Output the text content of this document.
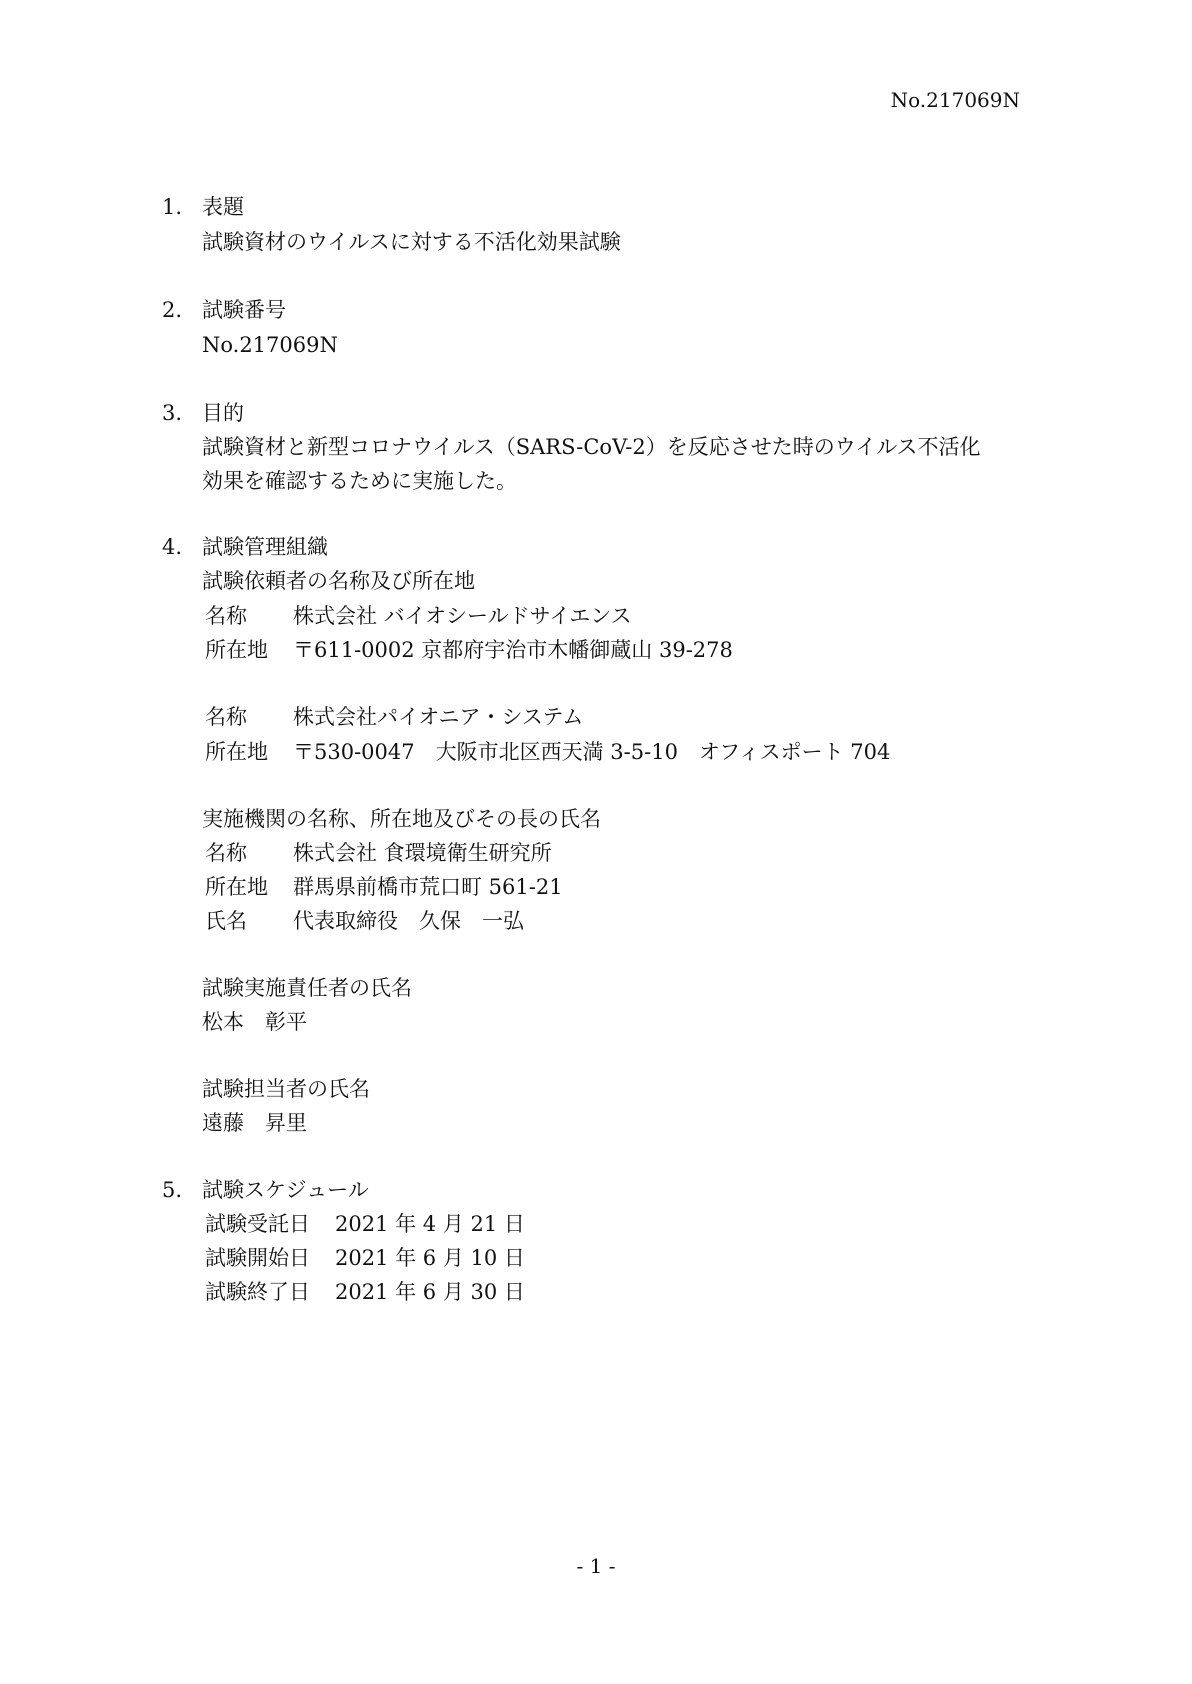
No.217069N
1. 表題
試験資材のウイルスに対する不活化効果試験
2. 試験番号
No.217069N
3. 目的
試験資材と新型コロナウイルス（SARS-CoV-2）を反応させた時のウイルス不活化
効果を確認するために実施した。
4. 試験管理組織
試験依頼者の名称及び所在地
名称 株式会社 バイオシールドサイエンス
所在地 〒611-0002 京都府宇治市木幡御蔵山 39-278
名称 株式会社パイオニア・システム
所在地 〒530-0047　大阪市北区西天満 3-5-10　オフィスポート 704
実施機関の名称、所在地及びその長の氏名
名称 株式会社 食環境衛生研究所
所在地 群馬県前橋市荒口町 561-21
氏名 代表取締役　久保　一弘
試験実施責任者の氏名
松本　彰平
試験担当者の氏名
遠藤　昇里
5. 試験スケジュール
試験受託日 2021 年 4 月 21 日
試験開始日 2021 年 6 月 10 日
試験終了日 2021 年 6 月 30 日
- 1 -
